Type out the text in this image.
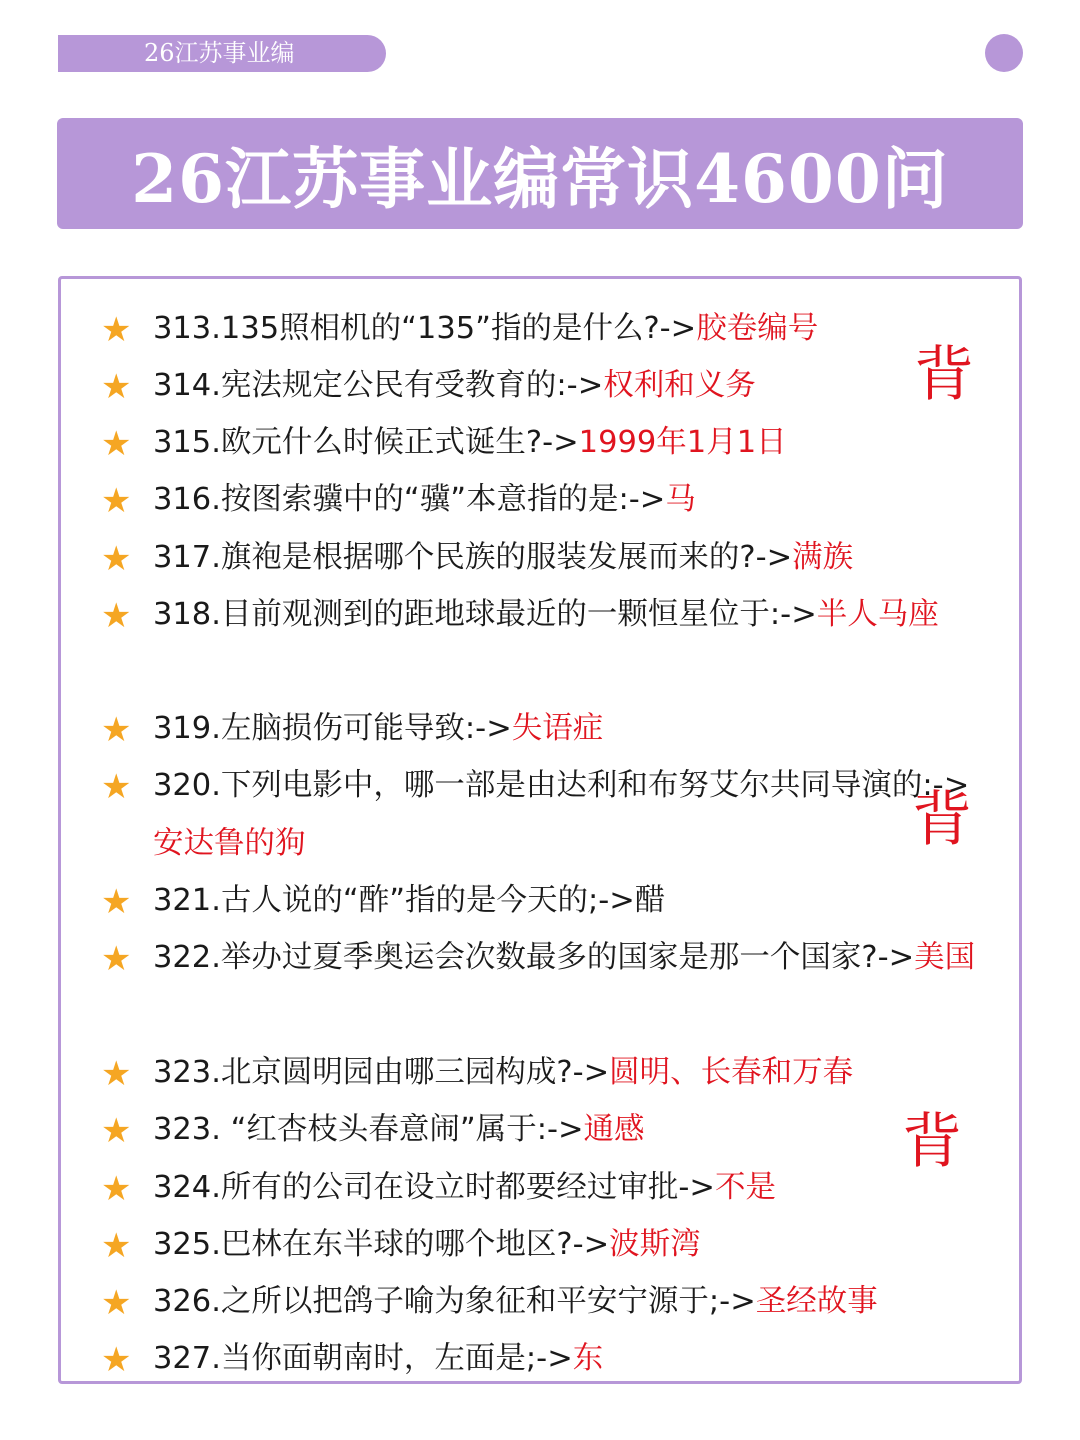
26江苏事业编
26江苏事业编常识4600问
★ 313.135照相机的“135”指的是什么?->胶卷编号
★ 314.宪法规定公民有受教育的:->权利和义务
★ 315.欧元什么时候正式诞生?->1999年1月1日
★ 316.按图索骥中的“骥”本意指的是:->马
★ 317.旗袍是根据哪个民族的服装发展而来的?->满族
★ 318.目前观测到的距地球最近的一颗恒星位于:->半人马座
★ 319.左脑损伤可能导致:->失语症
★ 320.下列电影中，哪一部是由达利和布努艾尔共同导演的:->安达鲁的狗
★ 321.古人说的“酢”指的是今天的;->醋
★ 322.举办过夏季奥运会次数最多的国家是那一个国家?->美国
★ 323.北京圆明园由哪三园构成?->圆明、长春和万春
★ 323. “红杏枝头春意闹”属于:->通感
★ 324.所有的公司在设立时都要经过审批->不是
★ 325.巴林在东半球的哪个地区?->波斯湾
★ 326.之所以把鸽子喻为象征和平安宁源于;->圣经故事
★ 327.当你面朝南时，左面是;->东
背
背
背
